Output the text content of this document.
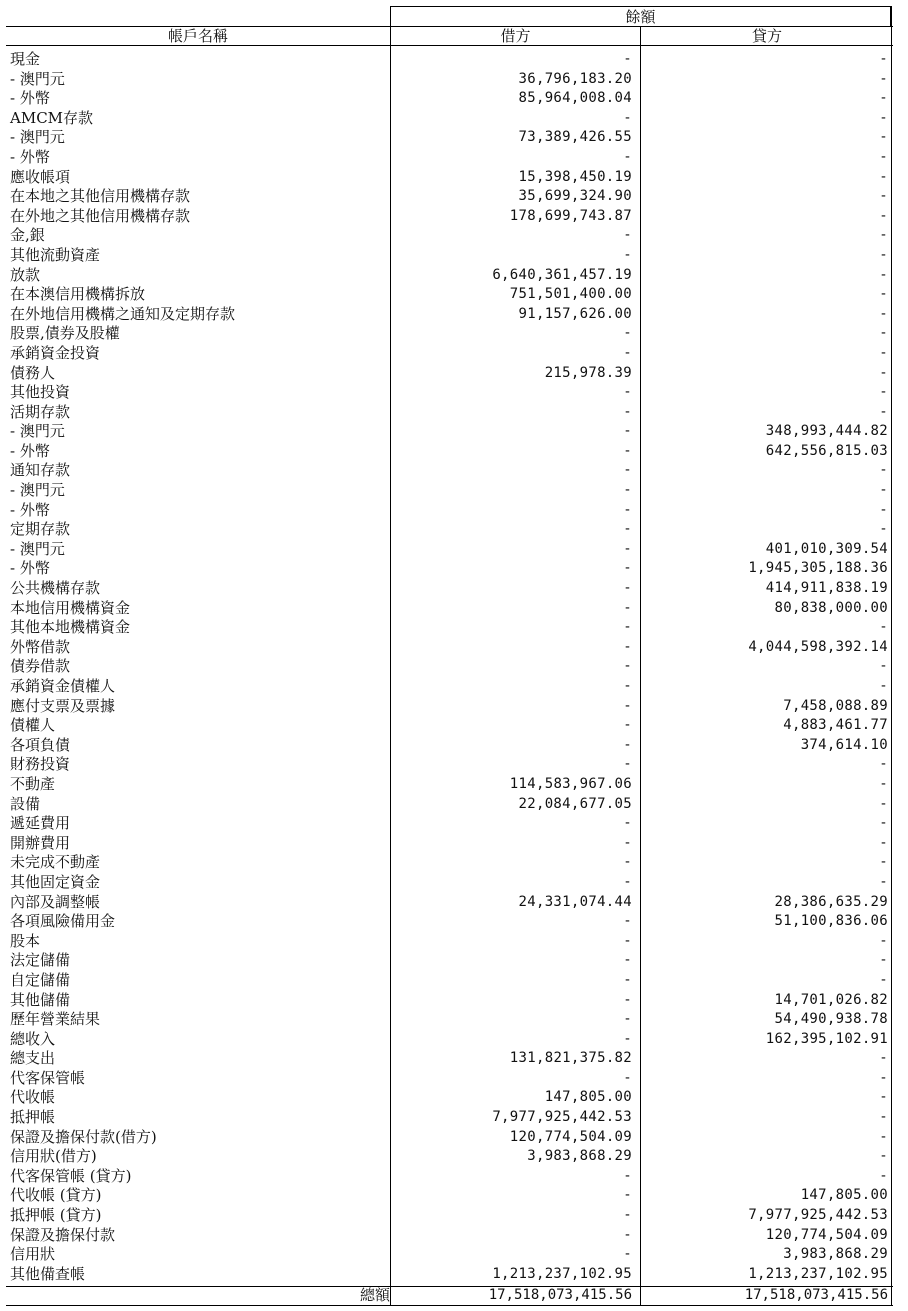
餘額
帳戶名稱	借方	貸方
現金	-	-
- 澳門元	36,796,183.20	-
- 外幣	85,964,008.04	-
AMCM存款	-	-
- 澳門元	73,389,426.55	-
- 外幣	-	-
應收帳項	15,398,450.19	-
在本地之其他信用機構存款	35,699,324.90	-
在外地之其他信用機構存款	178,699,743.87	-
金,銀	-	-
其他流動資產	-	-
放款	6,640,361,457.19	-
在本澳信用機構拆放	751,501,400.00	-
在外地信用機構之通知及定期存款	91,157,626.00	-
股票,債券及股權	-	-
承銷資金投資	-	-
債務人	215,978.39	-
其他投資	-	-
活期存款	-	-
- 澳門元	-	348,993,444.82
- 外幣	-	642,556,815.03
通知存款	-	-
- 澳門元	-	-
- 外幣	-	-
定期存款	-	-
- 澳門元	-	401,010,309.54
- 外幣	-	1,945,305,188.36
公共機構存款	-	414,911,838.19
本地信用機構資金	-	80,838,000.00
其他本地機構資金	-	-
外幣借款	-	4,044,598,392.14
債券借款	-	-
承銷資金債權人	-	-
應付支票及票據	-	7,458,088.89
債權人	-	4,883,461.77
各項負債	-	374,614.10
財務投資	-	-
不動產	114,583,967.06	-
設備	22,084,677.05	-
遞延費用	-	-
開辦費用	-	-
未完成不動產	-	-
其他固定資金	-	-
內部及調整帳	24,331,074.44	28,386,635.29
各項風險備用金	-	51,100,836.06
股本	-	-
法定儲備	-	-
自定儲備	-	-
其他儲備	-	14,701,026.82
歷年營業結果	-	54,490,938.78
總收入	-	162,395,102.91
總支出	131,821,375.82	-
代客保管帳	-	-
代收帳	147,805.00	-
抵押帳	7,977,925,442.53	-
保證及擔保付款(借方)	120,774,504.09	-
信用狀(借方)	3,983,868.29	-
代客保管帳 (貸方)	-	-
代收帳 (貸方)	-	147,805.00
抵押帳 (貸方)	-	7,977,925,442.53
保證及擔保付款	-	120,774,504.09
信用狀	-	3,983,868.29
其他備查帳	1,213,237,102.95	1,213,237,102.95
總額	17,518,073,415.56	17,518,073,415.56
